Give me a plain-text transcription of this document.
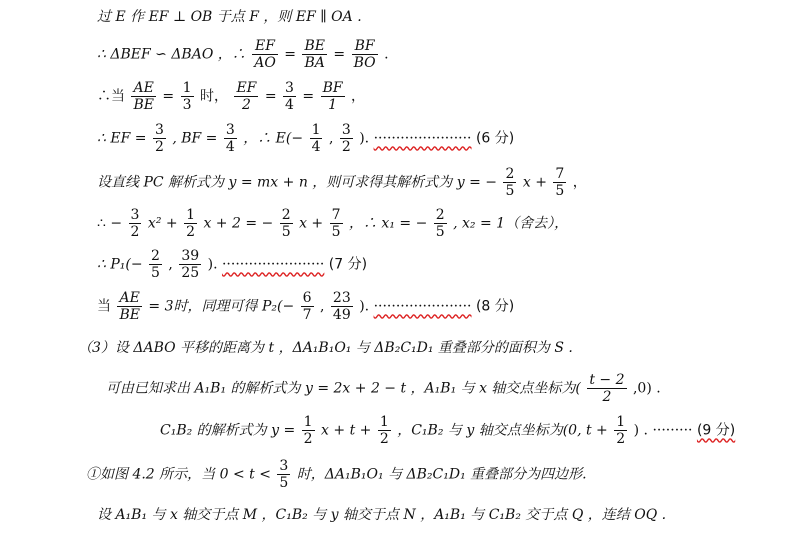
过 E 作 EF ⊥ OB 于点 F ，则 EF ∥ OA .
∴ ΔBEF ∽ ΔBAO ，∴ $\frac{EF}{AO} = \frac{BE}{BA} = \frac{BF}{BO}$ .
∴当 $\frac{AE}{BE} = \frac{1}{3}$ 时， $\frac{EF}{2} = \frac{3}{4} = \frac{BF}{1}$ ，
∴ EF = $\frac{3}{2}$ , BF = $\frac{3}{4}$ ，∴ $E(- \frac{1}{4}$ , $\frac{3}{2}$ ). ······················ (6 分)
设直线 PC 解析式为 y = mx + n ，则可求得其解析式为 y = − $\frac{2}{5}$ $x + \frac{7}{5}$ ，
∴ − $\frac{3}{2} x^2 + \frac{1}{2}$ x + 2 = − $\frac{2}{5}$ $x + \frac{7}{5}$ ，∴ x₁ = − $\frac{2}{5}$ , x₂ = 1（舍去），
∴ $P_1(- \frac{2}{5}$ , $\frac{39}{25}$ ). ······················· (7 分)
当 $\frac{AE}{BE} = 3$时，同理可得 $P_2(- \frac{6}{7}$ , $\frac{23}{49}$ ). ······················ (8 分)
（3）设 ΔABO 平移的距离为 t ，ΔA₁B₁O₁ 与 ΔB₂C₁D₁ 重叠部分的面积为 S .
可由已知求出 A₁B₁ 的解析式为 y = 2x + 2 − t ，A₁B₁ 与 x 轴交点坐标为( $\frac{t - 2}{2} ,0$) .
C₁B₂ 的解析式为 $y = \frac{1}{2}$ $x + t + \frac{1}{2}$ ，C₁B₂ 与 y 轴交点坐标为(0, $t + \frac{1}{2}$ ) . ········· (9 分)
①如图 4.2 所示，当 $0 < t < \frac{3}{5}$ 时，ΔA₁B₁O₁ 与 ΔB₂C₁D₁ 重叠部分为四边形.
设 A₁B₁ 与 x 轴交于点 M ，C₁B₂ 与 y 轴交于点 N ，A₁B₁ 与 C₁B₂ 交于点 Q ，连结 OQ .
